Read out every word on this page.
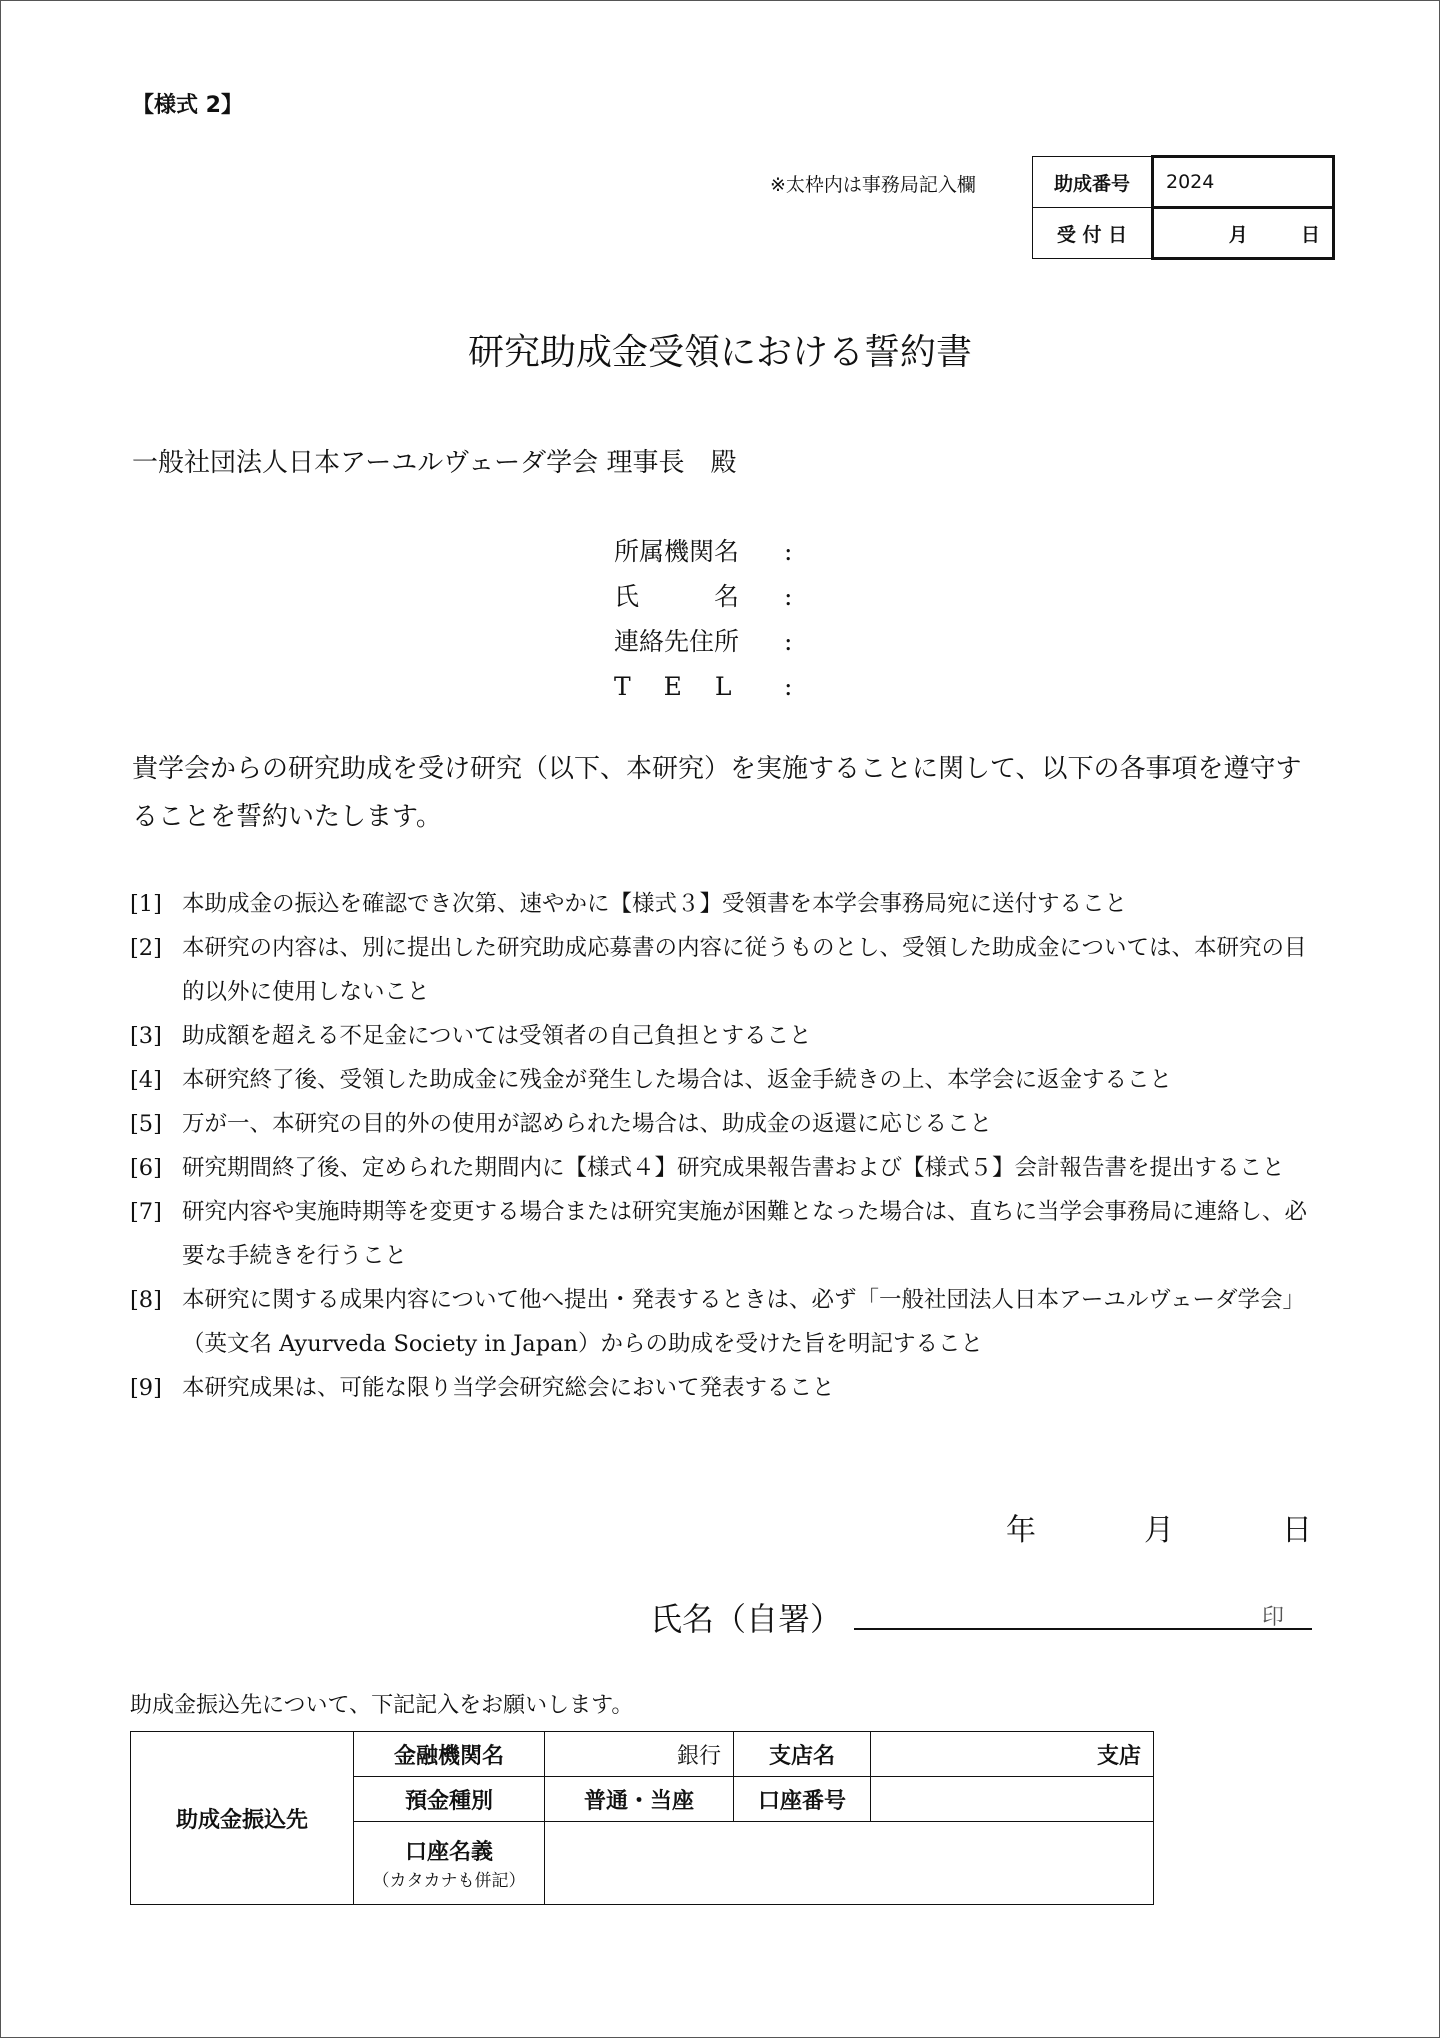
【様式 2】
※太枠内は事務局記入欄	助成番号	2024
受 付 日	月 日
研究助成金受領における誓約書
一般社団法人日本アーユルヴェーダ学会 理事長　殿
所属機関名 :
氏　　　名 :
連絡先住所 :
T　 E　 L :
貴学会からの研究助成を受け研究（以下、本研究）を実施することに関して、以下の各事項を遵守することを誓約いたします。
[1] 本助成金の振込を確認でき次第、速やかに【様式３】受領書を本学会事務局宛に送付すること
[2] 本研究の内容は、別に提出した研究助成応募書の内容に従うものとし、受領した助成金については、本研究の目的以外に使用しないこと
[3] 助成額を超える不足金については受領者の自己負担とすること
[4] 本研究終了後、受領した助成金に残金が発生した場合は、返金手続きの上、本学会に返金すること
[5] 万が一、本研究の目的外の使用が認められた場合は、助成金の返還に応じること
[6] 研究期間終了後、定められた期間内に【様式４】研究成果報告書および【様式５】会計報告書を提出すること
[7] 研究内容や実施時期等を変更する場合または研究実施が困難となった場合は、直ちに当学会事務局に連絡し、必要な手続きを行うこと
[8] 本研究に関する成果内容について他へ提出・発表するときは、必ず「一般社団法人日本アーユルヴェーダ学会」（英文名 Ayurveda Society in Japan）からの助成を受けた旨を明記すること
[9] 本研究成果は、可能な限り当学会研究総会において発表すること
年	月	日
氏名（自署）	印
助成金振込先について、下記記入をお願いします。
助成金振込先	金融機関名	銀行	支店名	支店
	預金種別	普通・当座	口座番号	
	口座名義
（カタカナも併記）			
